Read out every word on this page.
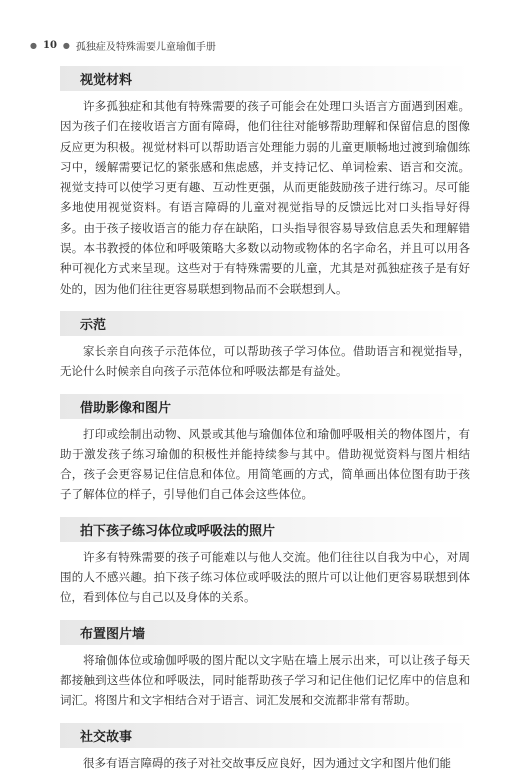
● 10 ● 孤独症及特殊需要儿童瑜伽手册
视觉材料

许多孤独症和其他有特殊需要的孩子可能会在处理口头语言方面遇到困难。因为孩子们在接收语言方面有障碍，他们往往对能够帮助理解和保留信息的图像反应更为积极。视觉材料可以帮助语言处理能力弱的儿童更顺畅地过渡到瑜伽练习中，缓解需要记忆的紧张感和焦虑感，并支持记忆、单词检索、语言和交流。视觉支持可以使学习更有趣、互动性更强，从而更能鼓励孩子进行练习。尽可能多地使用视觉资料。有语言障碍的儿童对视觉指导的反馈远比对口头指导好得多。由于孩子接收语言的能力存在缺陷，口头指导很容易导致信息丢失和理解错误。本书教授的体位和呼吸策略大多数以动物或物体的名字命名，并且可以用各种可视化方式来呈现。这些对于有特殊需要的儿童，尤其是对孤独症孩子是有好处的，因为他们往往更容易联想到物品而不会联想到人。

示范

家长亲自向孩子示范体位，可以帮助孩子学习体位。借助语言和视觉指导，无论什么时候亲自向孩子示范体位和呼吸法都是有益处。

借助影像和图片

打印或绘制出动物、风景或其他与瑜伽体位和瑜伽呼吸相关的物体图片，有助于激发孩子练习瑜伽的积极性并能持续参与其中。借助视觉资料与图片相结合，孩子会更容易记住信息和体位。用简笔画的方式，简单画出体位图有助于孩子了解体位的样子，引导他们自己体会这些体位。

拍下孩子练习体位或呼吸法的照片

许多有特殊需要的孩子可能难以与他人交流。他们往往以自我为中心，对周围的人不感兴趣。拍下孩子练习体位或呼吸法的照片可以让他们更容易联想到体位，看到体位与自己以及身体的关系。

布置图片墙

将瑜伽体位或瑜伽呼吸的图片配以文字贴在墙上展示出来，可以让孩子每天都接触到这些体位和呼吸法，同时能帮助孩子学习和记住他们记忆库中的信息和词汇。将图片和文字相结合对于语言、词汇发展和交流都非常有帮助。

社交故事

很多有语言障碍的孩子对社交故事反应良好，因为通过文字和图片他们能
